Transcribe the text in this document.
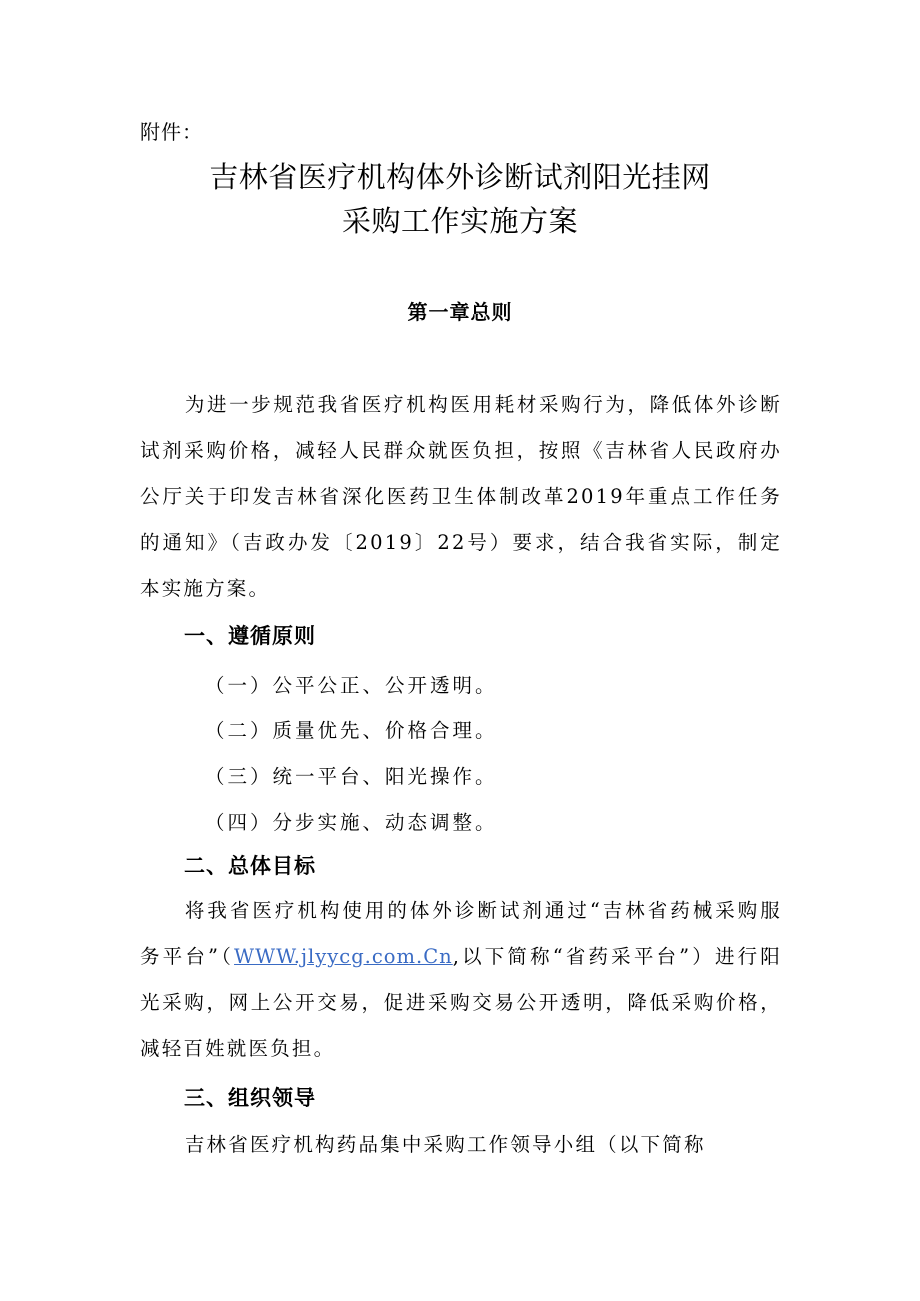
附件：
吉林省医疗机构体外诊断试剂阳光挂网
采购工作实施方案
第一章总则

为进一步规范我省医疗机构医用耗材采购行为，降低体外诊断试剂采购价格，减轻人民群众就医负担，按照《吉林省人民政府办公厅关于印发吉林省深化医药卫生体制改革2019年重点工作任务的通知》（吉政办发〔2019〕22号）要求，结合我省实际，制定本实施方案。

一、遵循原则
（一）公平公正、公开透明。
（二）质量优先、价格合理。
（三）统一平台、阳光操作。
（四）分步实施、动态调整。
二、总体目标

将我省医疗机构使用的体外诊断试剂通过“吉林省药械采购服务平台”（WWW.jlyycg.com.Cn,以下简称“省药采平台”）进行阳光采购，网上公开交易，促进采购交易公开透明，降低采购价格，减轻百姓就医负担。

三、组织领导

吉林省医疗机构药品集中采购工作领导小组（以下简称
